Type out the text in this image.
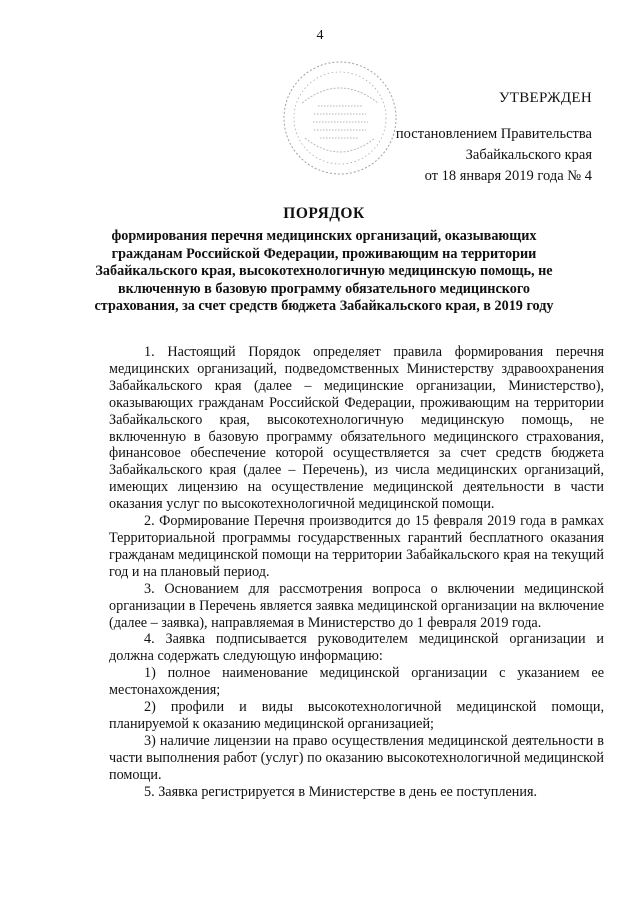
4
УТВЕРЖДЕН
постановлением Правительства
Забайкальского края
от 18 января 2019 года № 4
ПОРЯДОК
формирования перечня медицинских организаций, оказывающих гражданам Российской Федерации, проживающим на территории Забайкальского края, высокотехнологичную медицинскую помощь, не включенную в базовую программу обязательного медицинского страхования, за счет средств бюджета Забайкальского края, в 2019 году

1. Настоящий Порядок определяет правила формирования перечня медицинских организаций, подведомственных Министерству здравоохранения Забайкальского края (далее – медицинские организации, Министерство), оказывающих гражданам Российской Федерации, проживающим на территории Забайкальского края, высокотехнологичную медицинскую помощь, не включенную в базовую программу обязательного медицинского страхования, финансовое обеспечение которой осуществляется за счет средств бюджета Забайкальского края (далее – Перечень), из числа медицинских организаций, имеющих лицензию на осуществление медицинской деятельности в части оказания услуг по высокотехнологичной медицинской помощи.

2. Формирование Перечня производится до 15 февраля 2019 года в рамках Территориальной программы государственных гарантий бесплатного оказания гражданам медицинской помощи на территории Забайкальского края на текущий год и на плановый период.

3. Основанием для рассмотрения вопроса о включении медицинской организации в Перечень является заявка медицинской организации на включение (далее – заявка), направляемая в Министерство до 1 февраля 2019 года.

4. Заявка подписывается руководителем медицинской организации и должна содержать следующую информацию:

1) полное наименование медицинской организации с указанием ее местонахождения;

2) профили и виды высокотехнологичной медицинской помощи, планируемой к оказанию медицинской организацией;

3) наличие лицензии на право осуществления медицинской деятельности в части выполнения работ (услуг) по оказанию высокотехнологичной медицинской помощи.

5. Заявка регистрируется в Министерстве в день ее поступления.
